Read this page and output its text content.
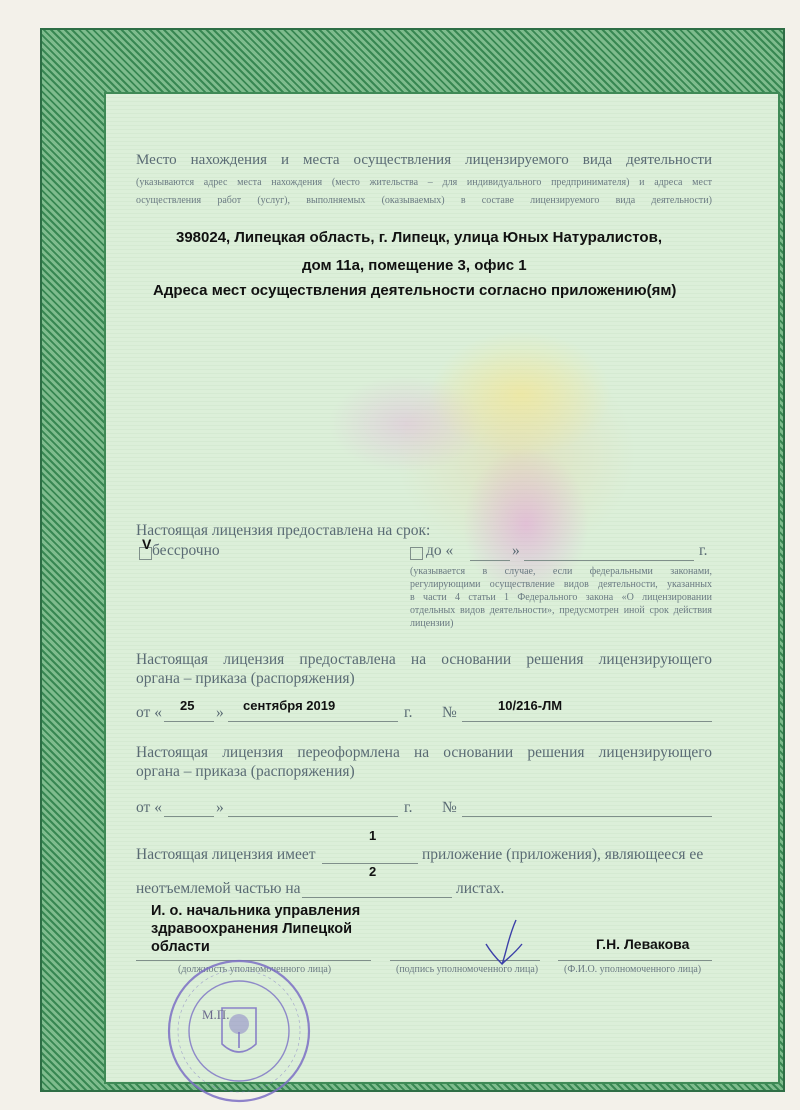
Место нахождения и места осуществления лицензируемого вида деятельности
(указываются адрес места нахождения (место жительства – для индивидуального предпринимателя) и адреса мест
осуществления работ (услуг), выполняемых (оказываемых) в составе лицензируемого вида деятельности)
398024, Липецкая область, г. Липецк, улица Юных Натуралистов,
дом 11а, помещение 3, офис 1
Адреса мест осуществления деятельности согласно приложению(ям)
Настоящая лицензия предоставлена на срок:
V бессрочно	до «	»	г.
(указывается в случае, если федеральными законами,
регулирующими осуществление видов деятельности, указанных
в части 4 статьи 1 Федерального закона «О лицензировании
отдельных видов деятельности», предусмотрен иной срок действия
лицензии)
Настоящая лицензия предоставлена на основании решения лицензирующего
органа – приказа (распоряжения)
от « 25 » сентября 2019	г. №	10/216-ЛМ
Настоящая лицензия переоформлена на основании решения лицензирующего
органа – приказа (распоряжения)
от «	»	г. №
1
Настоящая лицензия имеет	приложение (приложения), являющееся ее
2
неотъемлемой частью на	листах.
И. о. начальника управления
здравоохранения Липецкой
области	Г.Н. Левакова
(должность уполномоченного лица)	(подпись уполномоченного лица)	(Ф.И.О. уполномоченного лица)
М.П.
